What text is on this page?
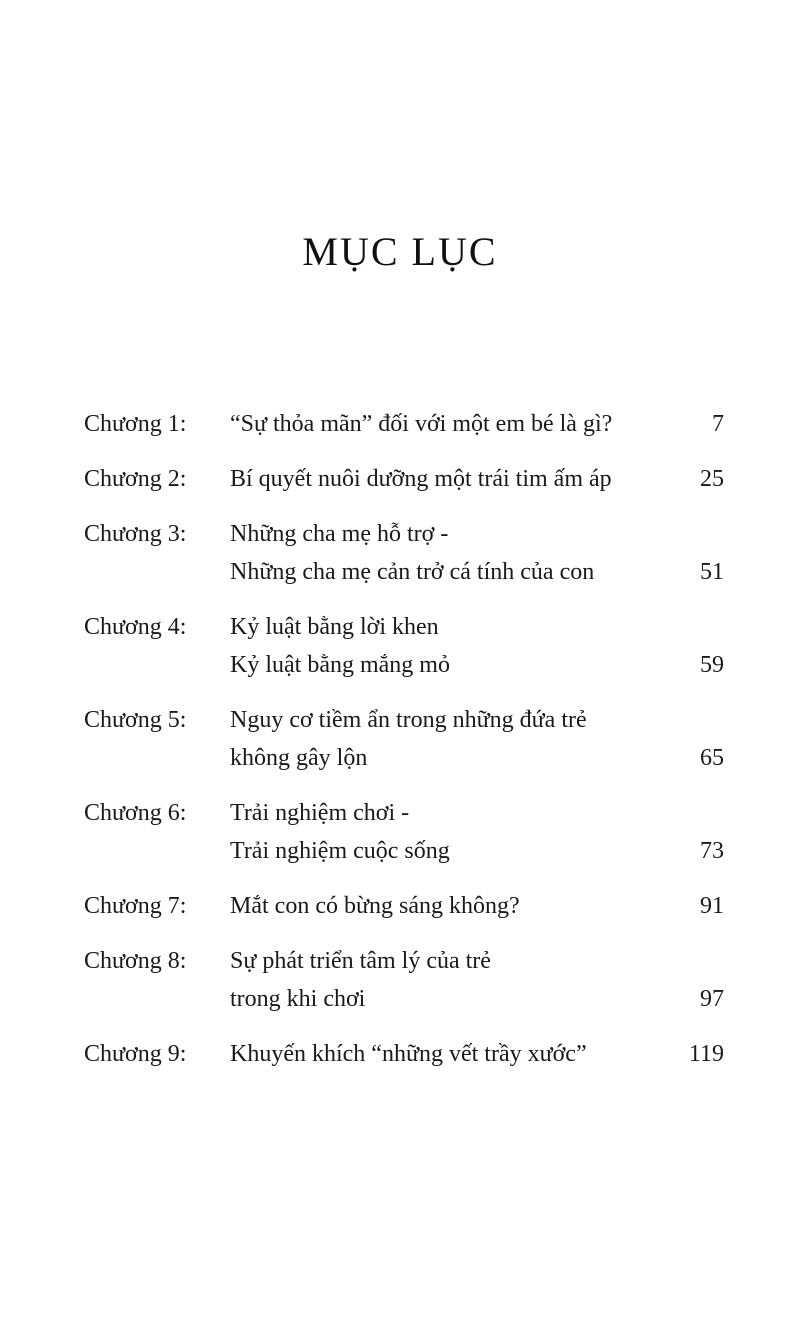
MỤC LỤC
Chương 1:	“Sự thỏa mãn” đối với một em bé là gì?	7
Chương 2:	Bí quyết nuôi dưỡng một trái tim ấm áp	25
Chương 3:	Những cha mẹ hỗ trợ -
Những cha mẹ cản trở cá tính của con	51
Chương 4:	Kỷ luật bằng lời khen
Kỷ luật bằng mắng mỏ	59
Chương 5:	Nguy cơ tiềm ẩn trong những đứa trẻ
không gây lộn	65
Chương 6:	Trải nghiệm chơi -
Trải nghiệm cuộc sống	73
Chương 7:	Mắt con có bừng sáng không?	91
Chương 8:	Sự phát triển tâm lý của trẻ
trong khi chơi	97
Chương 9:	Khuyến khích “những vết trầy xước”	119
